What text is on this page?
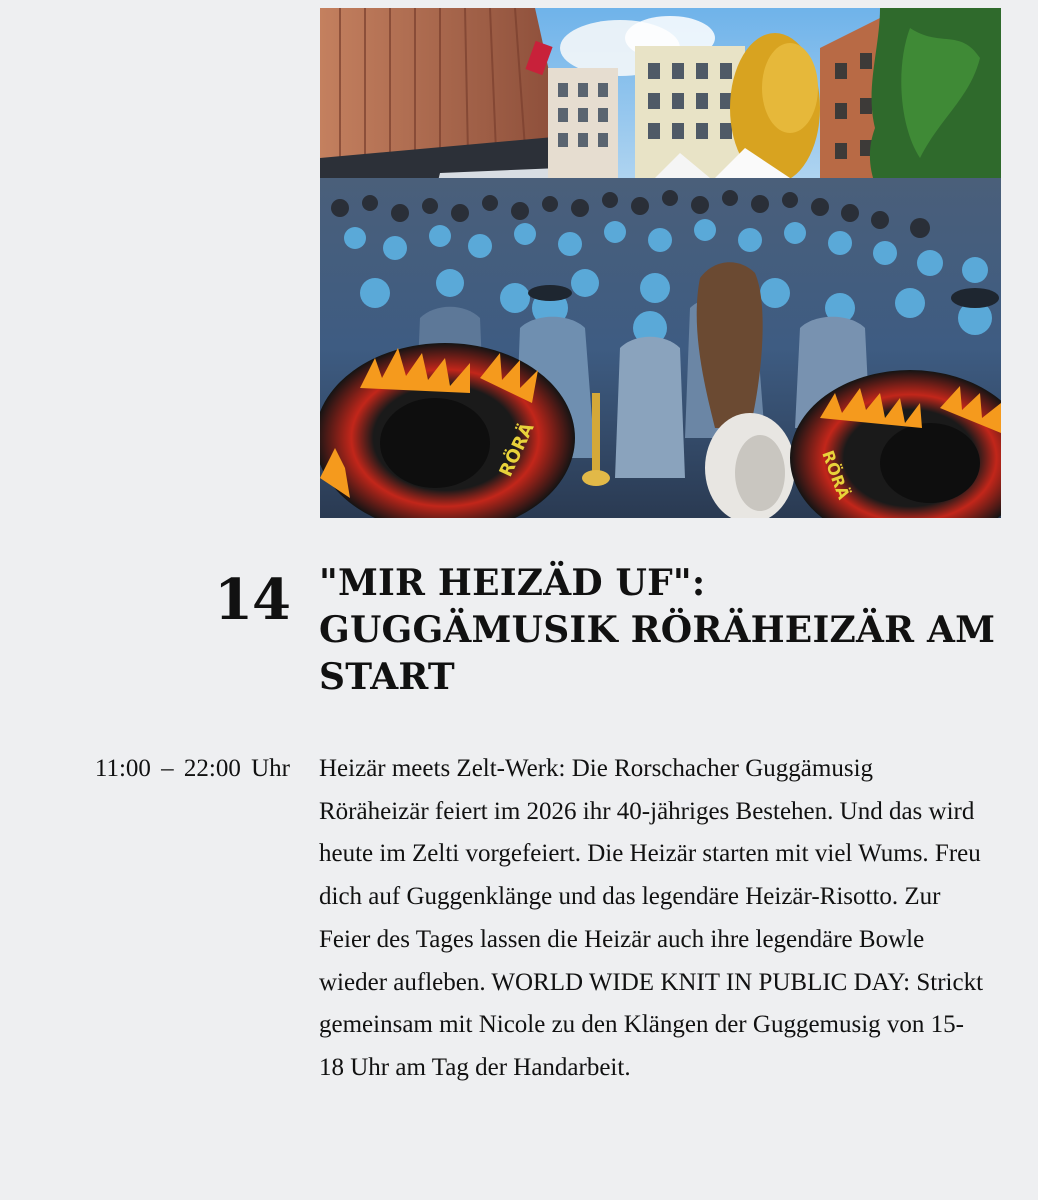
RÖRÄ	RÖRÄ
14 "MIR HEIZÄD UF": GUGGÄMUSIK RÖRÄHEIZÄR AM START
11:00 – 22:00 Uhr Heizär meets Zelt-Werk: Die Rorschacher Guggämusig Röräheizär feiert im 2026 ihr 40-jähriges Bestehen. Und das wird heute im Zelti vorgefeiert. Die Heizär starten mit viel Wums. Freu dich auf Guggenklänge und das legendäre Heizär-Risotto. Zur Feier des Tages lassen die Heizär auch ihre legendäre Bowle wieder aufleben. WORLD WIDE KNIT IN PUBLIC DAY: Strickt gemeinsam mit Nicole zu den Klängen der Guggemusig von 15-18 Uhr am Tag der Handarbeit.
